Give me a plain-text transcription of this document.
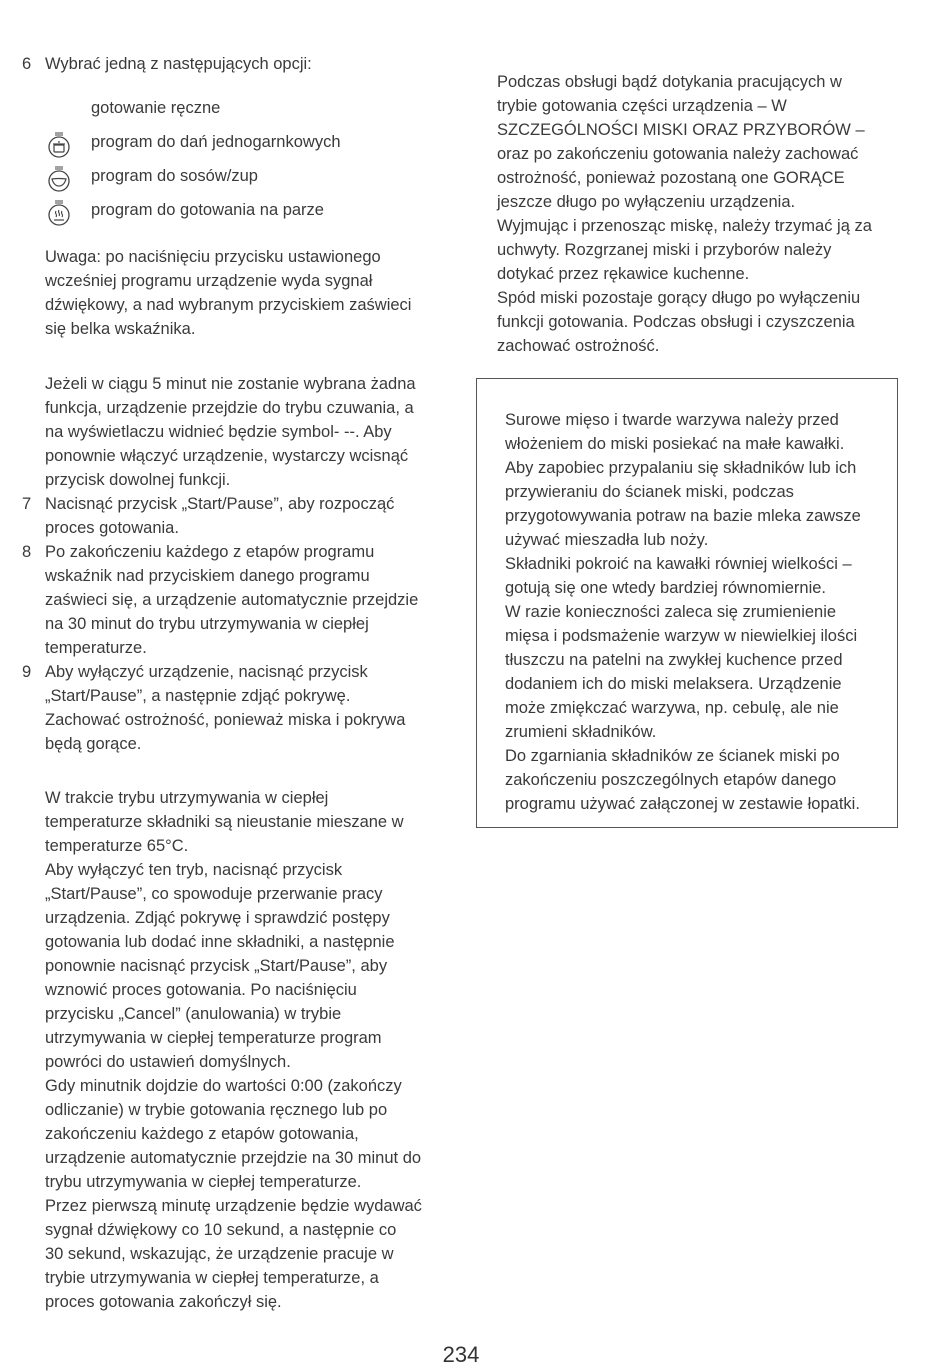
6 Wybrać jedną z następujących opcji:

gotowanie ręczne
program do dań jednogarnkowych
program do sosów/zup
program do gotowania na parze

Uwaga: po naciśnięciu przycisku ustawionego
wcześniej programu urządzenie wyda sygnał
dźwiękowy, a nad wybranym przyciskiem zaświeci
się belka wskaźnika.

Jeżeli w ciągu 5 minut nie zostanie wybrana żadna
funkcja, urządzenie przejdzie do trybu czuwania, a
na wyświetlaczu widnieć będzie symbol- --. Aby
ponownie włączyć urządzenie, wystarczy wcisnąć
przycisk dowolnej funkcji.

7 Nacisnąć przycisk „Start/Pause”, aby rozpocząć
proces gotowania.

8 Po zakończeniu każdego z etapów programu
wskaźnik nad przyciskiem danego programu
zaświeci się, a urządzenie automatycznie przejdzie
na 30 minut do trybu utrzymywania w ciepłej
temperaturze.

9 Aby wyłączyć urządzenie, nacisnąć przycisk
„Start/Pause”, a następnie zdjąć pokrywę.
Zachować ostrożność, ponieważ miska i pokrywa
będą gorące.

W trakcie trybu utrzymywania w ciepłej
temperaturze składniki są nieustanie mieszane w
temperaturze 65°C.
Aby wyłączyć ten tryb, nacisnąć przycisk
„Start/Pause”, co spowoduje przerwanie pracy
urządzenia. Zdjąć pokrywę i sprawdzić postępy
gotowania lub dodać inne składniki, a następnie
ponownie nacisnąć przycisk „Start/Pause”, aby
wznowić proces gotowania. Po naciśnięciu
przycisku „Cancel” (anulowania) w trybie
utrzymywania w ciepłej temperaturze program
powróci do ustawień domyślnych.
Gdy minutnik dojdzie do wartości 0:00 (zakończy
odliczanie) w trybie gotowania ręcznego lub po
zakończeniu każdego z etapów gotowania,
urządzenie automatycznie przejdzie na 30 minut do
trybu utrzymywania w ciepłej temperaturze.
Przez pierwszą minutę urządzenie będzie wydawać
sygnał dźwiękowy co 10 sekund, a następnie co
30 sekund, wskazując, że urządzenie pracuje w
trybie utrzymywania w ciepłej temperaturze, a
proces gotowania zakończył się.

Podczas obsługi bądź dotykania pracujących w
trybie gotowania części urządzenia – W
SZCZEGÓLNOŚCI MISKI ORAZ PRZYBORÓW –
oraz po zakończeniu gotowania należy zachować
ostrożność, ponieważ pozostaną one GORĄCE
jeszcze długo po wyłączeniu urządzenia.
Wyjmując i przenosząc miskę, należy trzymać ją za
uchwyty. Rozgrzanej miski i przyborów należy
dotykać przez rękawice kuchenne.
Spód miski pozostaje gorący długo po wyłączeniu
funkcji gotowania. Podczas obsługi i czyszczenia
zachować ostrożność.

Surowe mięso i twarde warzywa należy przed
włożeniem do miski posiekać na małe kawałki.
Aby zapobiec przypalaniu się składników lub ich
przywieraniu do ścianek miski, podczas
przygotowywania potraw na bazie mleka zawsze
używać mieszadła lub noży.
Składniki pokroić na kawałki równiej wielkości –
gotują się one wtedy bardziej równomiernie.
W razie konieczności zaleca się zrumienienie
mięsa i podsmażenie warzyw w niewielkiej ilości
tłuszczu na patelni na zwykłej kuchence przed
dodaniem ich do miski melaksera. Urządzenie
może zmiękczać warzywa, np. cebulę, ale nie
zrumieni składników.
Do zgarniania składników ze ścianek miski po
zakończeniu poszczególnych etapów danego
programu używać załączonej w zestawie łopatki.

234
